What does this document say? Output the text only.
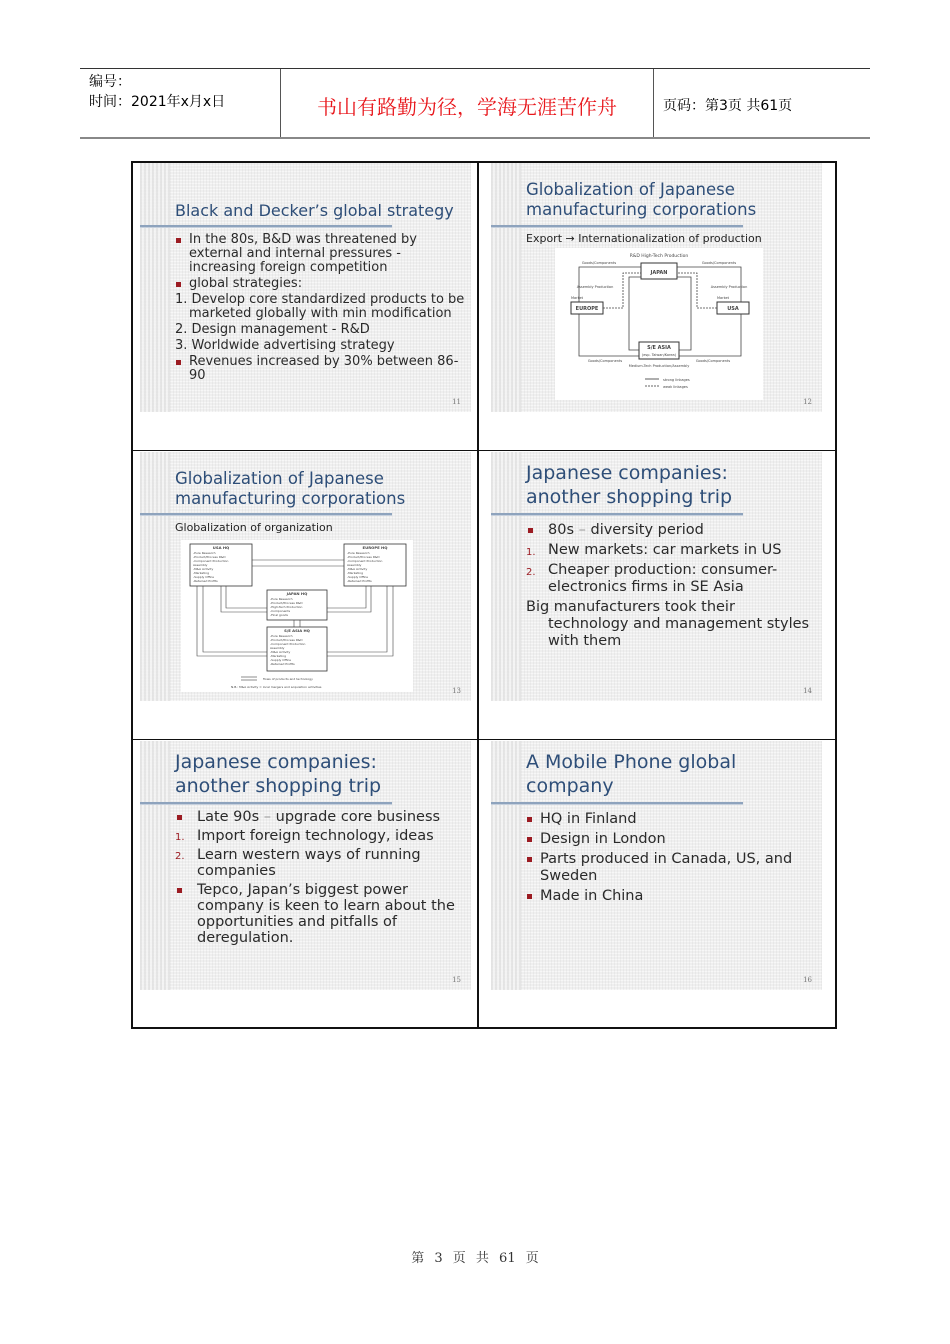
编号：
时间：2021年x月x日	书山有路勤为径，学海无涯苦作舟	页码：第3页 共61页
Black and Decker’s global strategy
In the 80s, B&D was threatened by external and internal pressures - increasing foreign competition
global strategies:
1. Develop core standardized products to be marketed globally with min modification
2. Design management - R&D
3. Worldwide advertising strategy
Revenues increased by 30% between 86-90
11
Globalization of Japanese
manufacturing corporations
Export → Internationalization of production
R&D High-Tech Production
JAPAN
EUROPE	USA
S/E ASIA
(esp. Taiwan/Korea)
Goods/Components	Goods/Components
Goods/Components	Goods/Components
Assembly Production	Assembly Production
Market	Market
Medium-Tech Production/Assembly
strong linkages
weak linkages
12
Globalization of Japanese
manufacturing corporations
Globalization of organization
USA HQ
-Pure Research
-Product/Process R&D
-Component Production
Assembly
-M&A Activity
-Marketing
-Supply Office
-Retained Profits
EUROPE HQ
-Pure Research
-Product/Process R&D
-Component Production
Assembly
-M&A Activity
-Marketing
-Supply Office
-Retained Profits
JAPAN HQ
-Pure Research
-Product/Process R&D
-High-Tech Production
-Components
-Final goods
S/E ASIA HQ
-Pure Research
-Product/Process R&D
-Component Production
Assembly
-M&A Activity
-Marketing
-Supply Office
-Retained Profits
flows of products and technology
N.B.: M&A Activity = local mergers and acquisition activities	13
Japanese companies:
another shopping trip
80s – diversity period
1. New markets: car markets in US
2. Cheaper production: consumer-electronics firms in SE Asia
Big manufacturers took their technology and management styles with them
14
Japanese companies:
another shopping trip
Late 90s – upgrade core business
1. Import foreign technology, ideas
2. Learn western ways of running companies
Tepco, Japan’s biggest power company is keen to learn about the opportunities and pitfalls of deregulation.
15
A Mobile Phone global
company
HQ in Finland
Design in London
Parts produced in Canada, US, and Sweden
Made in China
16
第 3 页 共 61 页
